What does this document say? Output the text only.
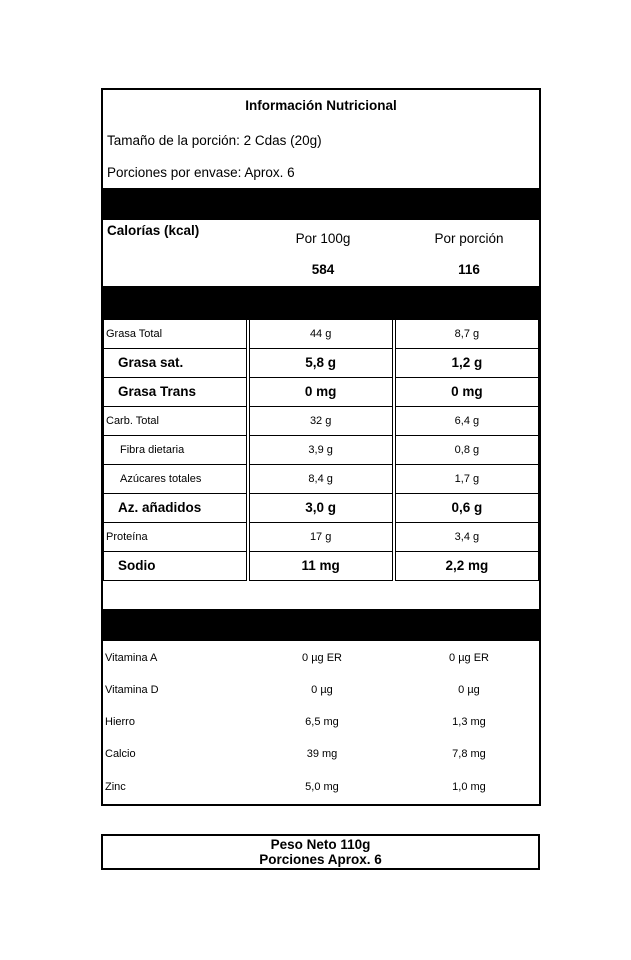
Información Nutricional
Tamaño de la porción: 2 Cdas (20g)
Porciones por envase: Aprox. 6
Calorías (kcal)
Por 100g	Por porción
584	116
Grasa Total		44 g		8,7 g
Grasa sat.		5,8 g		1,2 g
Grasa Trans		0 mg		0 mg
Carb. Total		32 g		6,4 g
Fibra dietaria		3,9 g		0,8 g
Azúcares totales		8,4 g		1,7 g
Az. añadidos		3,0 g		0,6 g
Proteína		17 g		3,4 g
Sodio		11 mg		2,2 mg
Vitamina A	0 µg ER	0 µg ER
Vitamina D	0 µg	0 µg
Hierro	6,5 mg	1,3 mg
Calcio	39 mg	7,8 mg
Zinc	5,0 mg	1,0 mg
Peso Neto 110g
Porciones Aprox. 6
